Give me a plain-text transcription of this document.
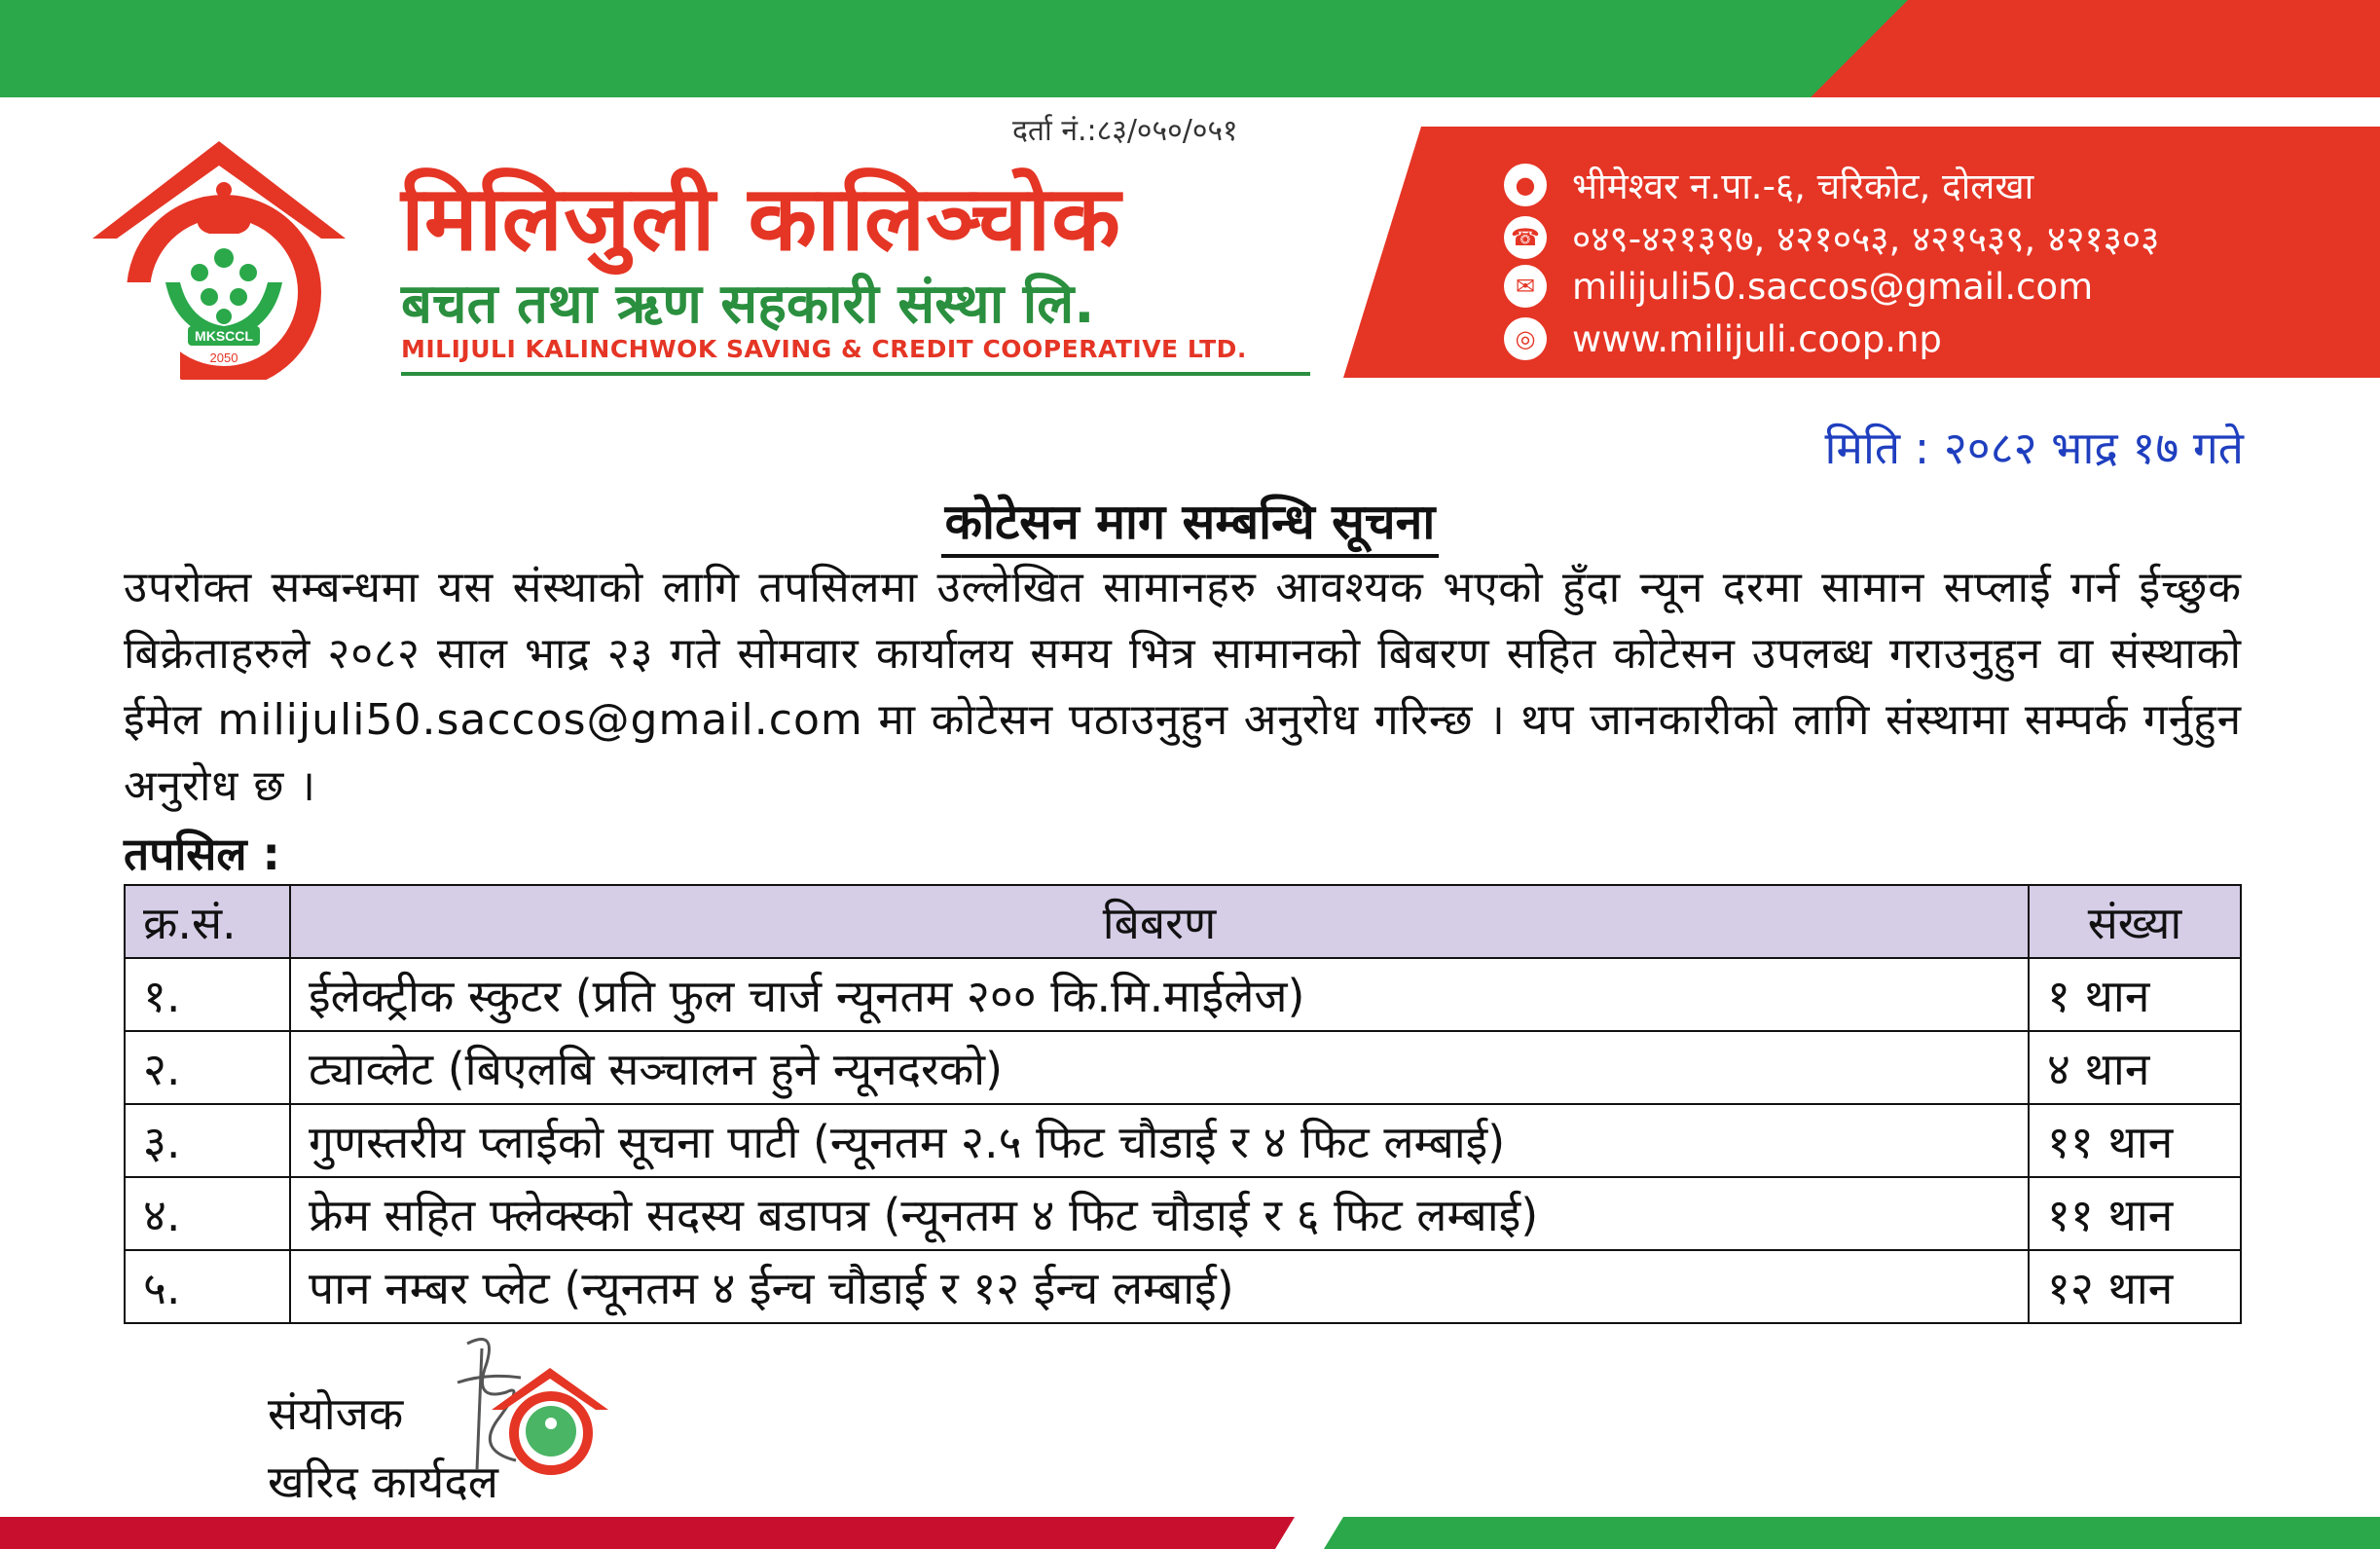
MKSCCL
2050
दर्ता नं.:८३/०५०/०५१
मिलिजुली कालिञ्चोक
बचत तथा ऋण सहकारी संस्था लि.
MILIJULI KALINCHWOK SAVING & CREDIT COOPERATIVE LTD.
●	भीमेश्वर न.पा.-६, चरिकोट, दोलखा
☎ ०४९-४२१३९७, ४२१०५३, ४२१५३९, ४२१३०३
✉	milijuli50.saccos@gmail.com
◎	www.milijuli.coop.np
मिति : २०८२ भाद्र १७ गते
कोटेसन माग सम्बन्धि सूचना
उपरोक्त सम्बन्धमा यस संस्थाको लागि तपसिलमा उल्लेखित सामानहरु आवश्यक भएको हुँदा न्यून दरमा सामान सप्लाई गर्न ईच्छुक बिक्रेताहरुले २०८२ साल भाद्र २३ गते सोमवार कार्यालय समय भित्र सामानको बिबरण सहित कोटेसन उपलब्ध गराउनुहुन वा संस्थाको ईमेल milijuli50.saccos@gmail.com मा कोटेसन पठाउनुहुन अनुरोध गरिन्छ । थप जानकारीको लागि संस्थामा सम्पर्क गर्नुहुन अनुरोध छ ।
तपसिल :
क्र.सं.	बिबरण	संख्या
१.	ईलेक्ट्रीक स्कुटर (प्रति फुल चार्ज न्यूनतम २०० कि.मि.माईलेज)	१ थान
२.	ट्याव्लेट (बिएलबि सञ्चालन हुने न्यूनदरको)	४ थान
३.	गुणस्तरीय प्लाईको सूचना पाटी (न्यूनतम २.५ फिट चौडाई र ४ फिट लम्बाई)	११ थान
४.	फ्रेम सहित फ्लेक्स्को सदस्य बडापत्र (न्यूनतम ४ फिट चौडाई र ६ फिट लम्बाई)	११ थान
५.	पान नम्बर प्लेट (न्यूनतम ४ ईन्च चौडाई र १२ ईन्च लम्बाई)	१२ थान
संयोजक
खरिद कार्यदल
